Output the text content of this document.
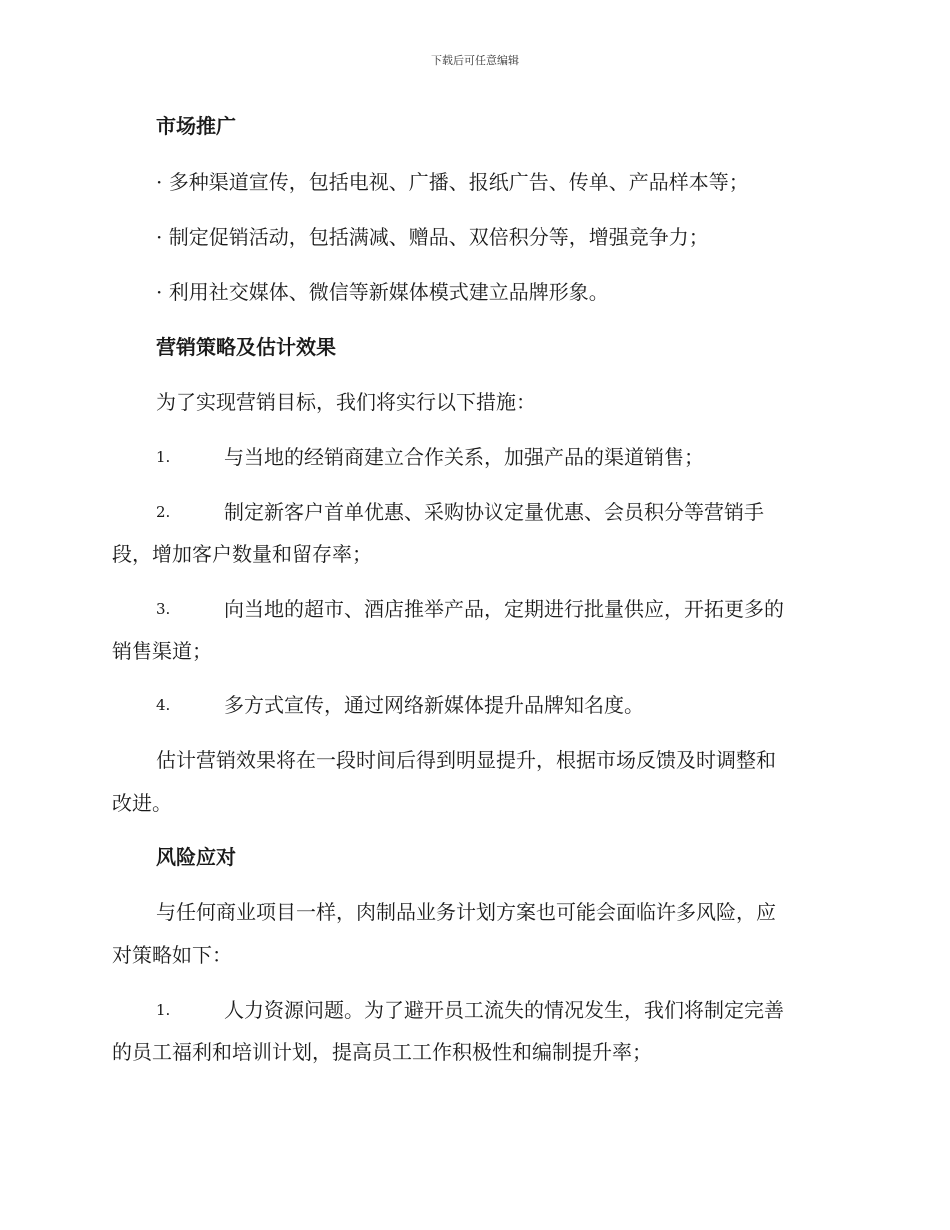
下载后可任意编辑
市场推广
· 多种渠道宣传，包括电视、广播、报纸广告、传单、产品样本等；
· 制定促销活动，包括满减、赠品、双倍积分等，增强竞争力；
· 利用社交媒体、微信等新媒体模式建立品牌形象。
营销策略及估计效果
为了实现营销目标，我们将实行以下措施：
1.	与当地的经销商建立合作关系，加强产品的渠道销售；
2.	制定新客户首单优惠、采购协议定量优惠、会员积分等营销手
段，增加客户数量和留存率；
3.	向当地的超市、酒店推举产品，定期进行批量供应，开拓更多的
销售渠道；
4.	多方式宣传，通过网络新媒体提升品牌知名度。
估计营销效果将在一段时间后得到明显提升，根据市场反馈及时调整和
改进。
风险应对
与任何商业项目一样，肉制品业务计划方案也可能会面临许多风险，应
对策略如下：
1.	人力资源问题。为了避开员工流失的情况发生，我们将制定完善
的员工福利和培训计划，提高员工工作积极性和编制提升率；
